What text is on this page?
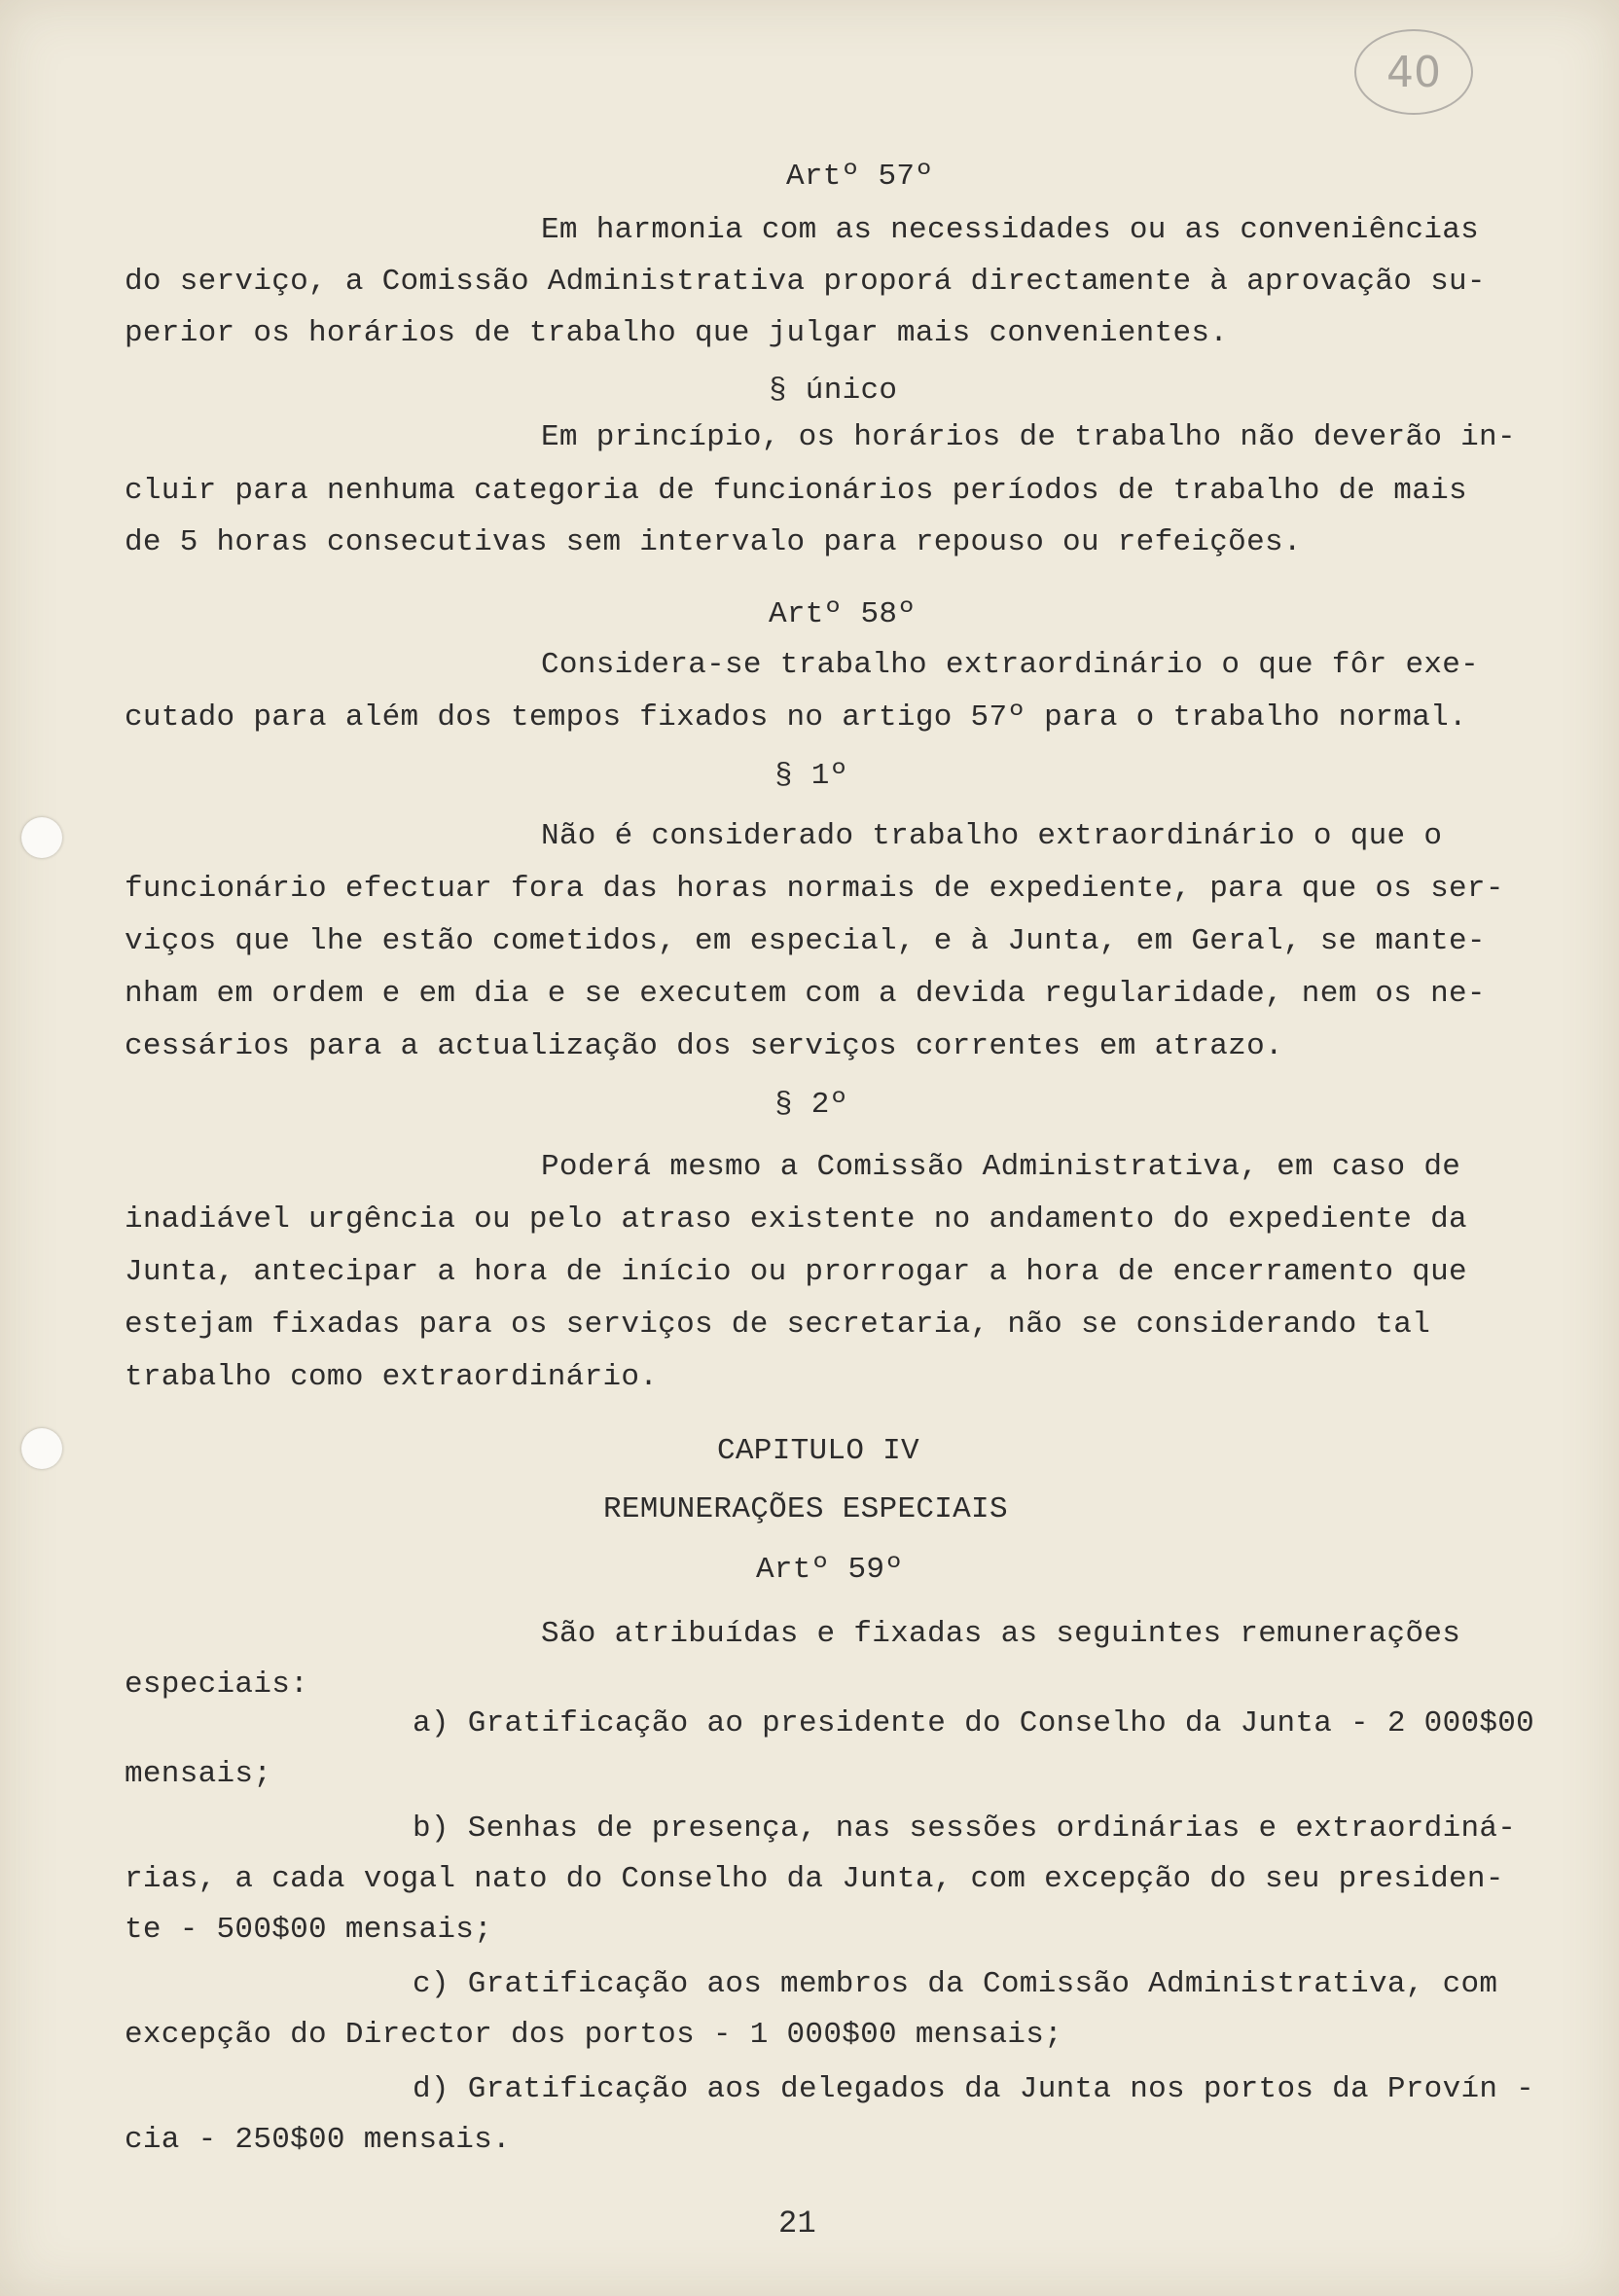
40
Artº 57º
Em harmonia com as necessidades ou as conveniências
do serviço, a Comissão Administrativa proporá directamente à aprovação su-
perior os horários de trabalho que julgar mais convenientes.
§ único
Em princípio, os horários de trabalho não deverão in-
cluir para nenhuma categoria de funcionários períodos de trabalho de mais
de 5 horas consecutivas sem intervalo para repouso ou refeições.
Artº 58º
Considera-se trabalho extraordinário o que fôr exe-
cutado para além dos tempos fixados no artigo 57º para o trabalho normal.
§ 1º
Não é considerado trabalho extraordinário o que o
funcionário efectuar fora das horas normais de expediente, para que os ser-
viços que lhe estão cometidos, em especial, e à Junta, em Geral, se mante-
nham em ordem e em dia e se executem com a devida regularidade, nem os ne-
cessários para a actualização dos serviços correntes em atrazo.
§ 2º
Poderá mesmo a Comissão Administrativa, em caso de
inadiável urgência ou pelo atraso existente no andamento do expediente da
Junta, antecipar a hora de início ou prorrogar a hora de encerramento que
estejam fixadas para os serviços de secretaria, não se considerando tal
trabalho como extraordinário.
CAPITULO IV
REMUNERAÇÕES ESPECIAIS
Artº 59º
São atribuídas e fixadas as seguintes remunerações
especiais:
a) Gratificação ao presidente do Conselho da Junta - 2 000$00
mensais;
b) Senhas de presença, nas sessões ordinárias e extraordiná-
rias, a cada vogal nato do Conselho da Junta, com excepção do seu presiden-
te - 500$00 mensais;
c) Gratificação aos membros da Comissão Administrativa, com
excepção do Director dos portos - 1 000$00 mensais;
d) Gratificação aos delegados da Junta nos portos da Provín -
cia - 250$00 mensais.
21
